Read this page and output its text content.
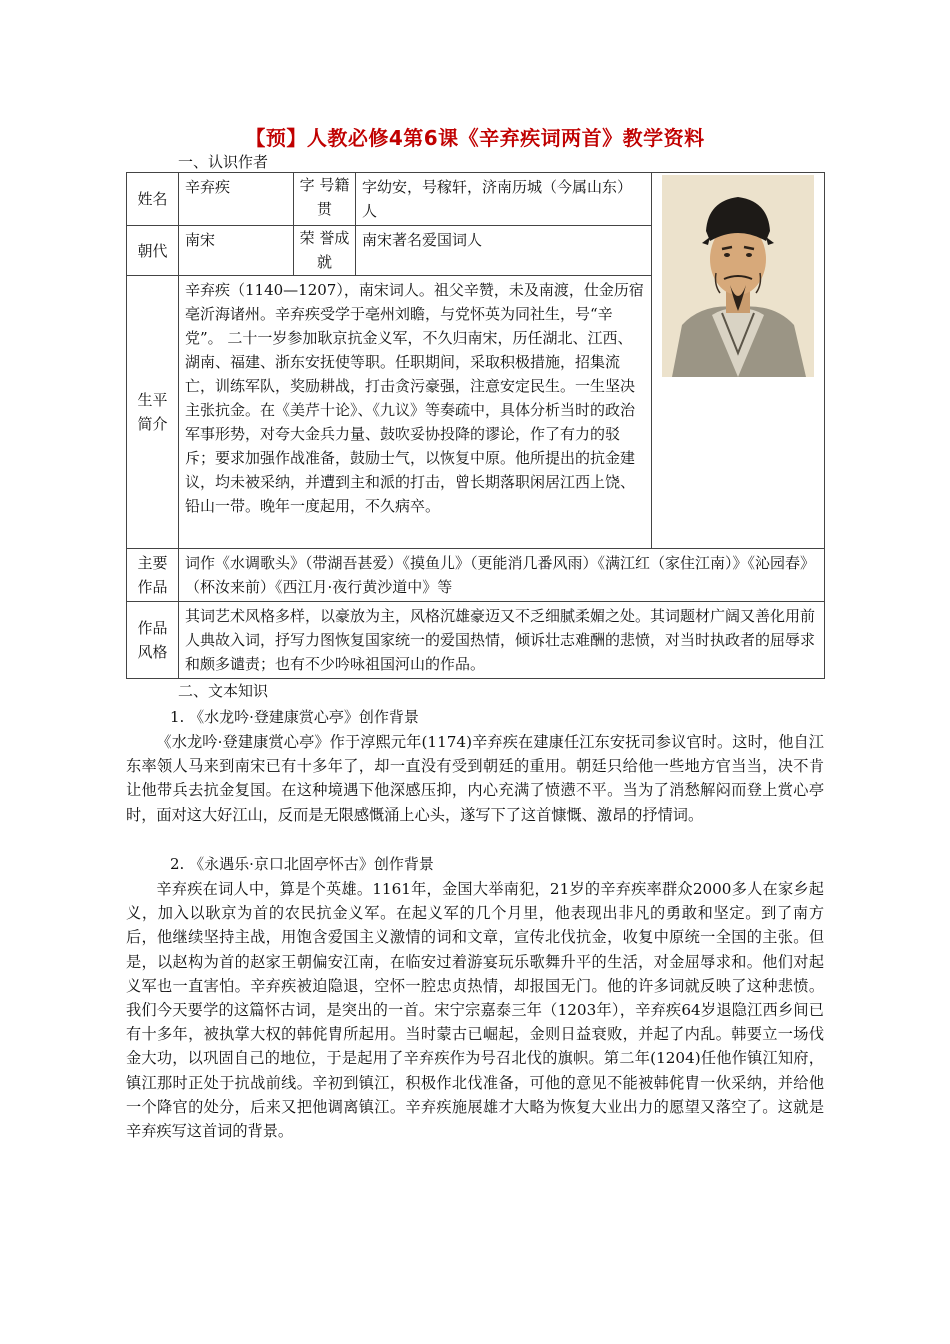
【预】人教必修4第6课《辛弃疾词两首》教学资料
一、认识作者
姓名	辛弃疾	字 号籍贯	字幼安，号稼轩，济南历城（今属山东）人	

朝代	南宋	荣 誉成就	南宋著名爱国词人	
生平简介	辛弃疾（1140—1207），南宋词人。祖父辛赞，未及南渡，仕金历宿亳沂海诸州。辛弃疾受学于亳州刘瞻，与党怀英为同社生，号“辛党”。 二十一岁参加耿京抗金义军，不久归南宋，历任湖北、江西、湖南、福建、浙东安抚使等职。任职期间，采取积极措施，招集流亡，训练军队，奖励耕战，打击贪污豪强，注意安定民生。一生坚决主张抗金。在《美芹十论》、《九议》等奏疏中，具体分析当时的政治军事形势，对夸大金兵力量、鼓吹妥协投降的谬论，作了有力的驳斥；要求加强作战准备，鼓励士气，以恢复中原。他所提出的抗金建议，均未被采纳，并遭到主和派的打击，曾长期落职闲居江西上饶、铅山一带。晚年一度起用，不久病卒。			
主要作品	词作《水调歌头》（带湖吾甚爱）《摸鱼儿》（更能消几番风雨）《满江红（家住江南）》《沁园春》 （杯汝来前）《西江月·夜行黄沙道中》等			
作品风格	其词艺术风格多样，以豪放为主，风格沉雄豪迈又不乏细腻柔媚之处。其词题材广阔又善化用前人典故入词，抒写力图恢复国家统一的爱国热情，倾诉壮志难酬的悲愤，对当时执政者的屈辱求和颇多谴责；也有不少吟咏祖国河山的作品。			
二、文本知识
1. 《水龙吟·登建康赏心亭》创作背景
《水龙吟·登建康赏心亭》作于淳熙元年(1174)辛弃疾在建康任江东安抚司参议官时。这时，他自江东率领人马来到南宋已有十多年了，却一直没有受到朝廷的重用。朝廷只给他一些地方官当当，决不肯让他带兵去抗金复国。在这种境遇下他深感压抑，内心充满了愤懑不平。当为了消愁解闷而登上赏心亭时，面对这大好江山，反而是无限感慨涌上心头，遂写下了这首慷慨、激昂的抒情词。
2. 《永遇乐·京口北固亭怀古》创作背景
辛弃疾在词人中，算是个英雄。1161年，金国大举南犯，21岁的辛弃疾率群众2000多人在家乡起义，加入以耿京为首的农民抗金义军。在起义军的几个月里，他表现出非凡的勇敢和坚定。到了南方后，他继续坚持主战，用饱含爱国主义激情的词和文章，宣传北伐抗金，收复中原统一全国的主张。但是，以赵构为首的赵家王朝偏安江南，在临安过着游宴玩乐歌舞升平的生活，对金屈辱求和。他们对起义军也一直害怕。辛弃疾被迫隐退，空怀一腔忠贞热情，却报国无门。他的许多词就反映了这种悲愤。我们今天要学的这篇怀古词，是突出的一首。宋宁宗嘉泰三年（1203年），辛弃疾64岁退隐江西乡间已有十多年，被执掌大权的韩侂胄所起用。当时蒙古已崛起，金则日益衰败，并起了内乱。韩要立一场伐金大功，以巩固自己的地位，于是起用了辛弃疾作为号召北伐的旗帜。第二年(1204)任他作镇江知府，镇江那时正处于抗战前线。辛初到镇江，积极作北伐准备，可他的意见不能被韩侂胄一伙采纳，并给他一个降官的处分，后来又把他调离镇江。辛弃疾施展雄才大略为恢复大业出力的愿望又落空了。这就是辛弃疾写这首词的背景。
